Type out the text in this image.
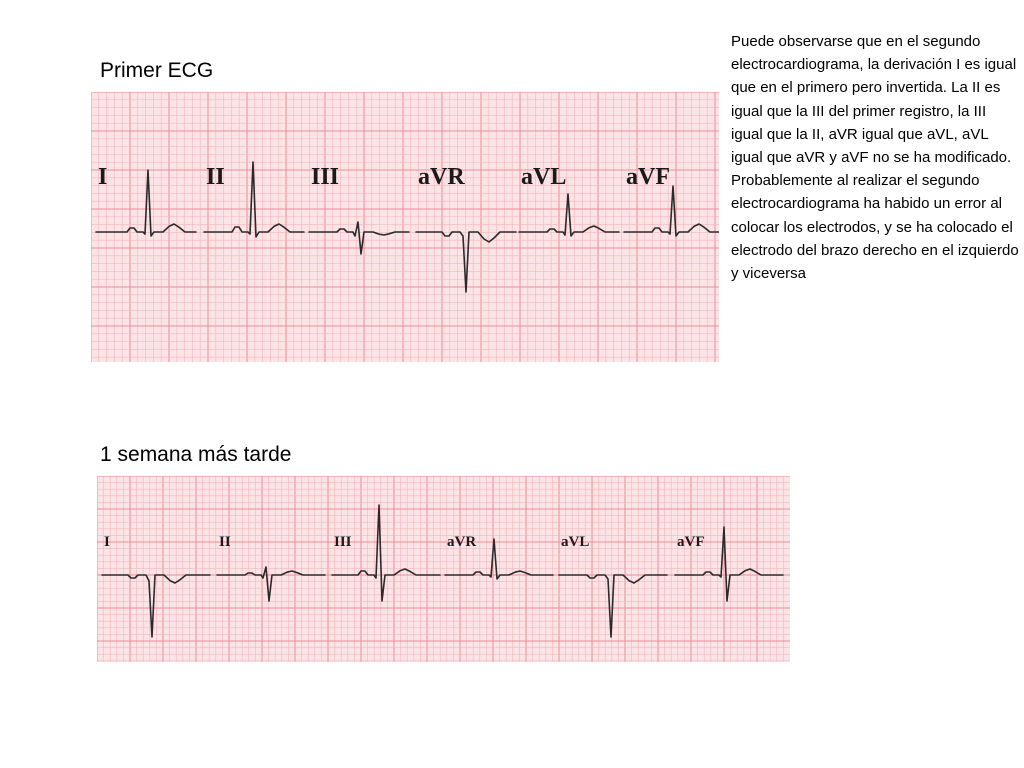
Primer ECG
I	II	III	aVR aVL aVF

Puede observarse que en el segundo electrocardiograma, la derivación I es igual que en el primero pero invertida. La II es igual que la III del primer registro, la III igual que la II, aVR igual que aVL, aVL igual que aVR y aVF no se ha modificado.

Probablemente al realizar el segundo electrocardiograma ha habido un error al colocar los electrodos, y se ha colocado el electrodo del brazo derecho en el izquierdo y viceversa

1 semana más tarde
I	II	III	aVR	aVL	aVF
